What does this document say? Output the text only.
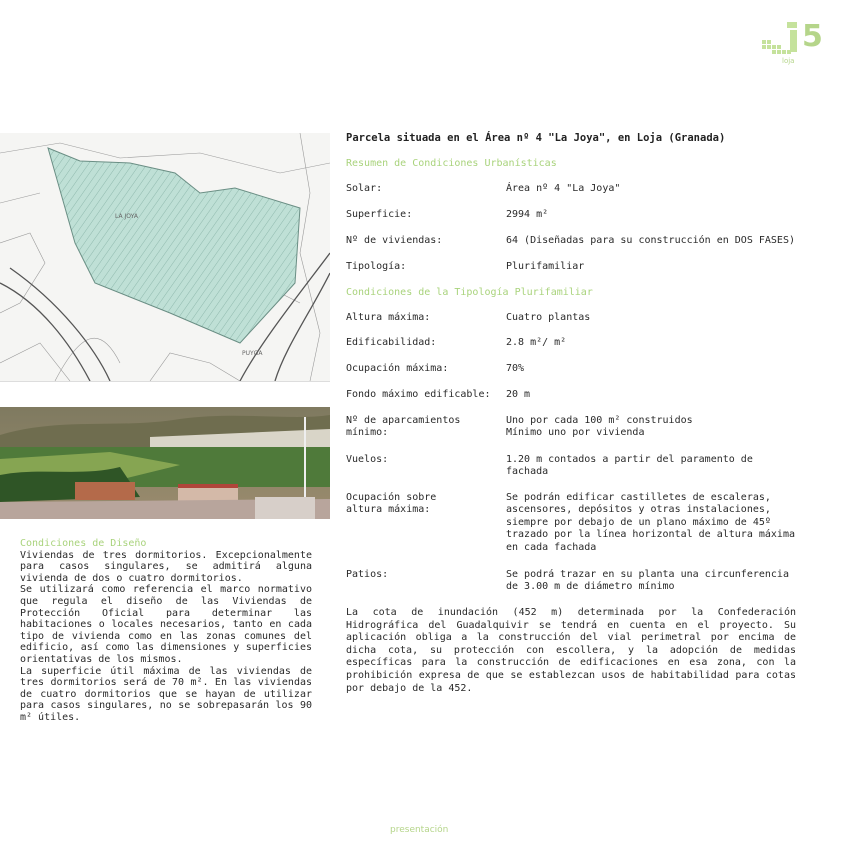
5
loja
LA JOYA
PUYGA
Condiciones de Diseño

Viviendas de tres dormitorios. Excepcionalmente para casos singulares, se admitirá alguna vivienda de dos o cuatro dormitorios.

Se utilizará como referencia el marco normativo que regula el diseño de las Viviendas de Protección Oficial para determinar las habitaciones o locales necesarios, tanto en cada tipo de vivienda como en las zonas comunes del edificio, así como las dimensiones y superficies orientativas de los mismos.

La superficie útil máxima de las viviendas de tres dormitorios será de 70 m². En las viviendas de cuatro dormitorios que se hayan de utilizar para casos singulares, no se sobrepasarán los 90 m² útiles.

Parcela situada en el Área nº 4 "La Joya", en Loja (Granada)
Resumen de Condiciones Urbanísticas
Solar:	Área nº 4 "La Joya"
Superficie:	2994 m²
Nº de viviendas:	64 (Diseñadas para su construcción en DOS FASES)
Tipología:	Plurifamiliar
Condiciones de la Tipología Plurifamiliar
Altura máxima:	Cuatro plantas
Edificabilidad:	2.8 m²/ m²
Ocupación máxima:	70%
Fondo máximo edificable:	20 m
Nº de aparcamientos mínimo:
Uno por cada 100 m² construidos Mínimo uno por vivienda
Vuelos:	1.20 m contados a partir del paramento de fachada
Ocupación sobre altura máxima:
Se podrán edificar castilletes de escaleras, ascensores, depósitos y otras instalaciones, siempre por debajo de un plano máximo de 45º trazado por la línea horizontal de altura máxima en cada fachada
Patios:	Se podrá trazar en su planta una circunferencia de 3.00 m de diámetro mínimo
La cota de inundación (452 m) determinada por la Confederación Hidrográfica del Guadalquivir se tendrá en cuenta en el proyecto. Su aplicación obliga a la construcción del vial perimetral por encima de dicha cota, su protección con escollera, y la adopción de medidas específicas para la construcción de edificaciones en esa zona, con la prohibición expresa de que se establezcan usos de habitabilidad para cotas por debajo de la 452.
presentación
